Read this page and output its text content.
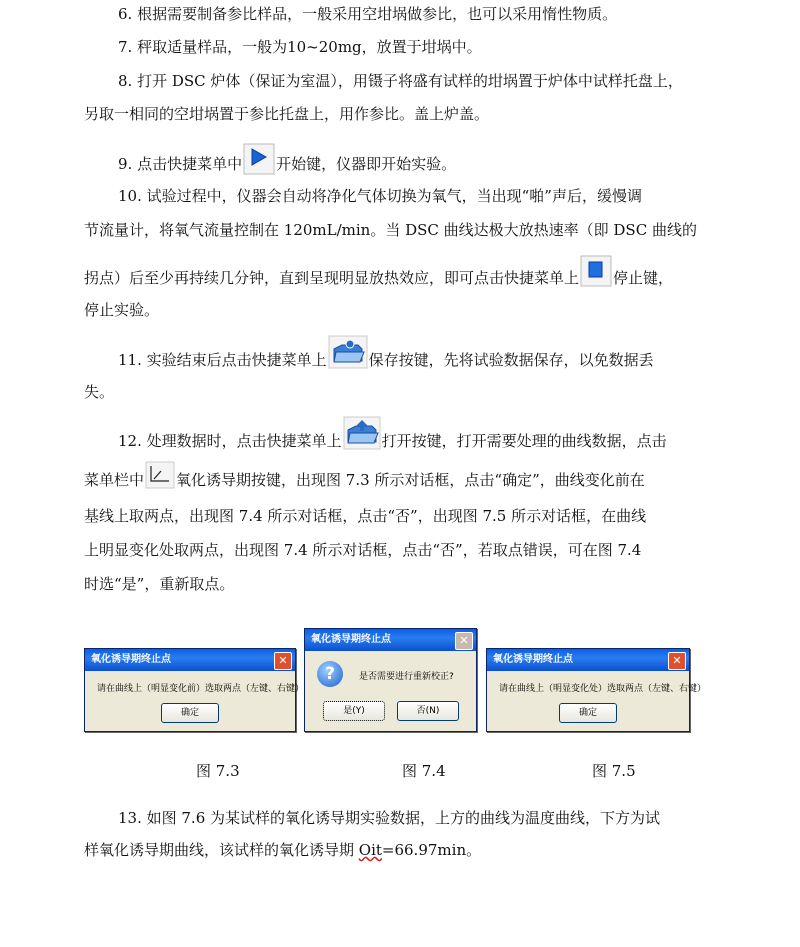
6. 根据需要制备参比样品，一般采用空坩埚做参比，也可以采用惰性物质。
7. 秤取适量样品，一般为10~20mg，放置于坩埚中。
8. 打开 DSC 炉体（保证为室温），用镊子将盛有试样的坩埚置于炉体中试样托盘上，
另取一相同的空坩埚置于参比托盘上，用作参比。盖上炉盖。
9. 点击快捷菜单中 开始键，仪器即开始实验。
10. 试验过程中，仪器会自动将净化气体切换为氧气，当出现“啪”声后，缓慢调
节流量计，将氧气流量控制在 120mL/min。当 DSC 曲线达极大放热速率（即 DSC 曲线的
拐点）后至少再持续几分钟，直到呈现明显放热效应，即可点击快捷菜单上 停止键，
停止实验。
11. 实验结束后点击快捷菜单上	保存按键，先将试验数据保存，以免数据丢
失。
12. 处理数据时，点击快捷菜单上	打开按键，打开需要处理的曲线数据，点击
菜单栏中 氧化诱导期按键，出现图 7.3 所示对话框，点击“确定”，曲线变化前在
基线上取两点，出现图 7.4 所示对话框，点击“否”，出现图 7.5 所示对话框，在曲线
上明显变化处取两点，出现图 7.4 所示对话框，点击“否”，若取点错误，可在图 7.4
时选“是”，重新取点。
氧化诱导期终止点	✕
请在曲线上（明显变化前）选取两点（左键、右键）
确定
氧化诱导期终止点	✕
?	是否需要进行重新校正?
是(Y)	否(N)
氧化诱导期终止点	✕
请在曲线上（明显变化处）选取两点（左键、右键）
确定
图 7.3	图 7.4	图 7.5
13. 如图 7.6 为某试样的氧化诱导期实验数据，上方的曲线为温度曲线，下方为试
样氧化诱导期曲线，该试样的氧化诱导期 Oit=66.97min。
